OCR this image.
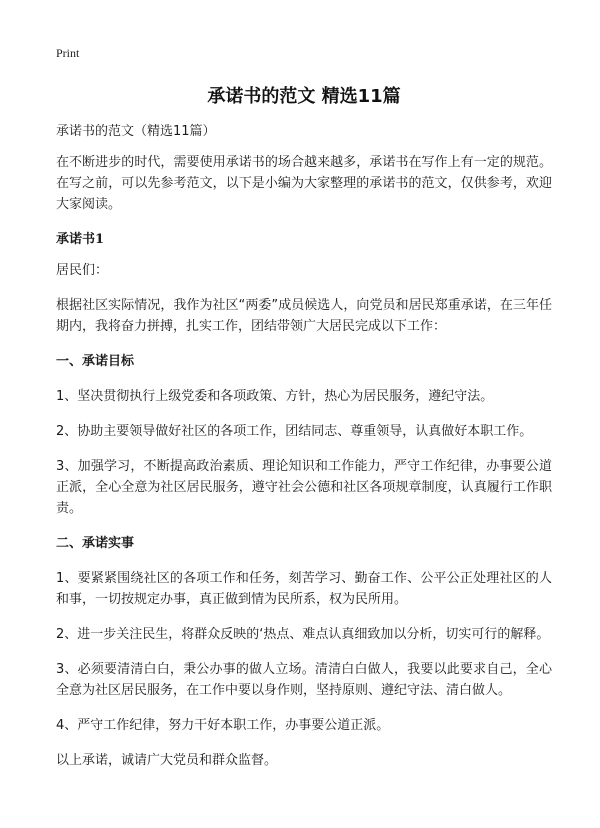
Print
承诺书的范文 精选11篇
承诺书的范文（精选11篇）

在不断进步的时代，需要使用承诺书的场合越来越多，承诺书在写作上有一定的规范。在写之前，可以先参考范文，以下是小编为大家整理的承诺书的范文，仅供参考，欢迎大家阅读。

承诺书1

居民们：

根据社区实际情况，我作为社区“两委”成员候选人，向党员和居民郑重承诺，在三年任期内，我将奋力拼搏，扎实工作，团结带领广大居民完成以下工作：

一、承诺目标

1、坚决贯彻执行上级党委和各项政策、方针，热心为居民服务，遵纪守法。

2、协助主要领导做好社区的各项工作，团结同志、尊重领导，认真做好本职工作。

3、加强学习，不断提高政治素质、理论知识和工作能力，严守工作纪律，办事要公道正派，全心全意为社区居民服务，遵守社会公德和社区各项规章制度，认真履行工作职责。

二、承诺实事

1、要紧紧围绕社区的各项工作和任务，刻苦学习、勤奋工作、公平公正处理社区的人和事，一切按规定办事，真正做到情为民所系，权为民所用。

2、进一步关注民生，将群众反映的‘热点、难点认真细致加以分析，切实可行的解释。

3、必须要清清白白，秉公办事的做人立场。清清白白做人，我要以此要求自己，全心全意为社区居民服务，在工作中要以身作则，坚持原则、遵纪守法、清白做人。

4、严守工作纪律，努力干好本职工作，办事要公道正派。

以上承诺，诚请广大党员和群众监督。
